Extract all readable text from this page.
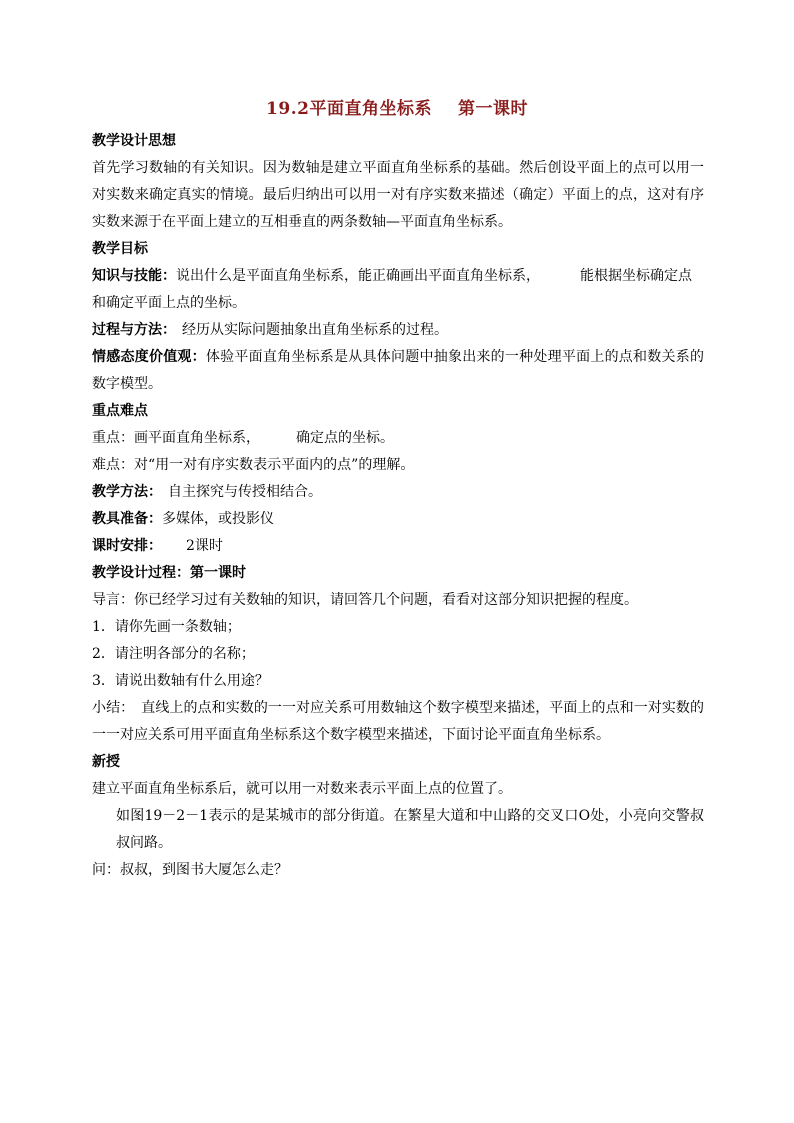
19.2平面直角坐标系 第一课时
教学设计思想
首先学习数轴的有关知识。因为数轴是建立平面直角坐标系的基础。然后创设平面上的点可以用一对实数来确定真实的情境。最后归纳出可以用一对有序实数来描述（确定）平面上的点，这对有序实数来源于在平面上建立的互相垂直的两条数轴—平面直角坐标系。
教学目标
知识与技能：说出什么是平面直角坐标系，能正确画出平面直角坐标系，	能根据坐标确定点
和确定平面上点的坐标。
过程与方法： 经历从实际问题抽象出直角坐标系的过程。
情感态度价值观：体验平面直角坐标系是从具体问题中抽象出来的一种处理平面上的点和数关系的数字模型。
重点难点
重点：画平面直角坐标系，	确定点的坐标。
难点：对“用一对有序实数表示平面内的点”的理解。
教学方法： 自主探究与传授相结合。
教具准备：多媒体，或投影仪
课时安排： 2课时
教学设计过程：第一课时
导言：你已经学习过有关数轴的知识，请回答几个问题，看看对这部分知识把握的程度。
1．请你先画一条数轴；
2．请注明各部分的名称；
3．请说出数轴有什么用途？
小结：　直线上的点和实数的一一对应关系可用数轴这个数字模型来描述，平面上的点和一对实数的一一对应关系可用平面直角坐标系这个数字模型来描述，下面讨论平面直角坐标系。
新授
建立平面直角坐标系后，就可以用一对数来表示平面上点的位置了。
如图19－2－1表示的是某城市的部分街道。在繁星大道和中山路的交叉口O处，小亮向交警叔叔问路。
问：叔叔，到图书大厦怎么走？
